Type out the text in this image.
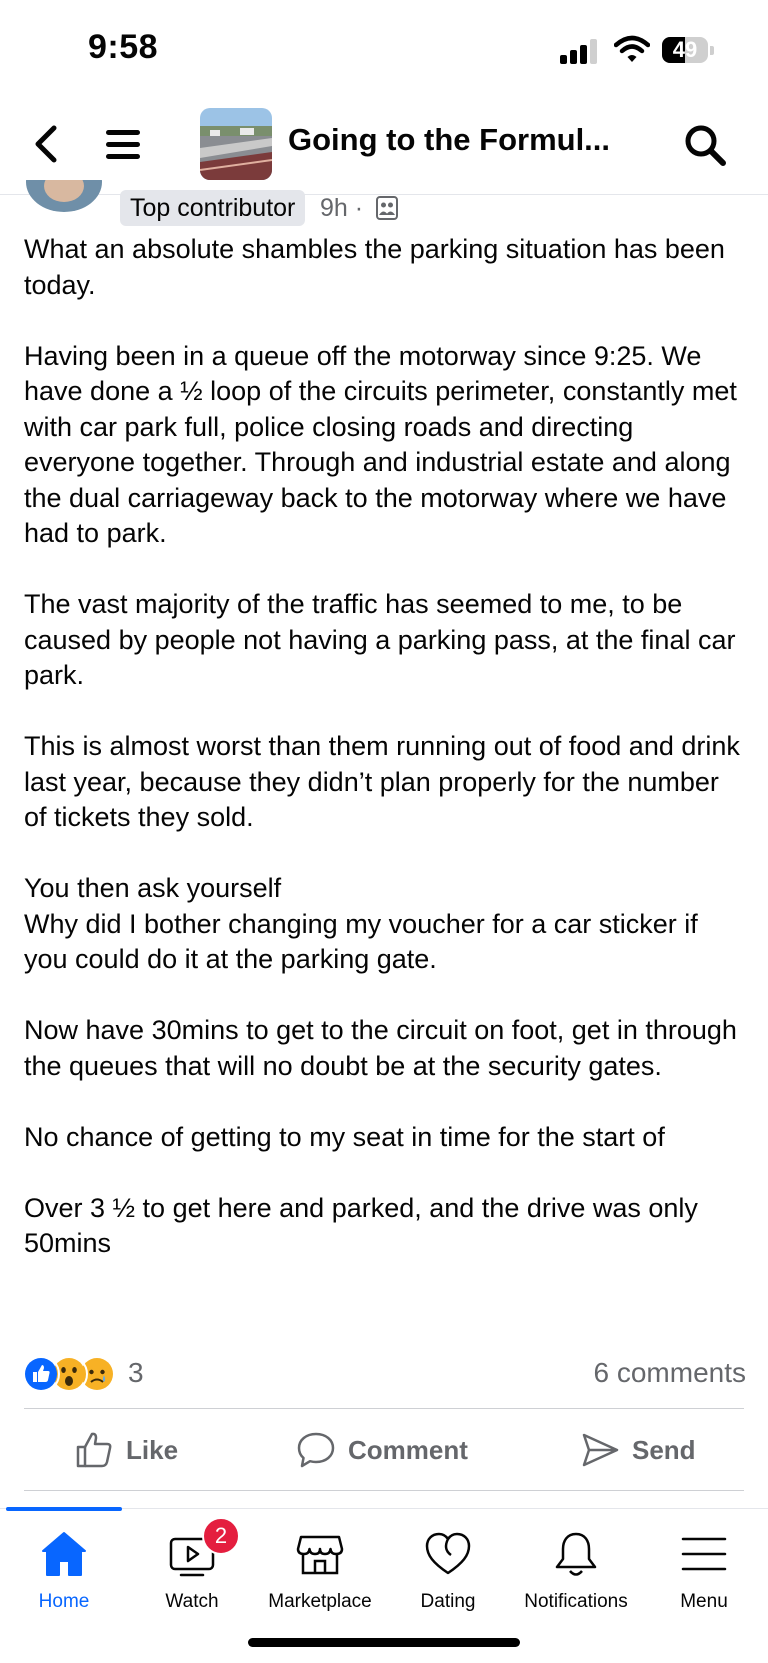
9:58	49
Going to the Formul...
Top contributor 9h ·

What an absolute shambles the parking situation has been today.

Having been in a queue off the motorway since 9:25. We have done a ½ loop of the circuits perimeter, constantly met with car park full, police closing roads and directing everyone together. Through and industrial estate and along the dual carriageway back to the motorway where we have had to park.

The vast majority of the traffic has seemed to me, to be caused by people not having a parking pass, at the final car park.

This is almost worst than them running out of food and drink last year, because they didn’t plan properly for the number of tickets they sold.

You then ask yourself
Why did I bother changing my voucher for a car sticker if you could do it at the parking gate.

Now have 30mins to get to the circuit on foot, get in through the queues that will no doubt be at the security gates.

No chance of getting to my seat in time for the start of

Over 3 ½ to get here and parked, and the drive was only 50mins

3	6 comments
Like	Comment	Send
Home
2
Watch	Marketplace	Dating	Notifications	Menu
